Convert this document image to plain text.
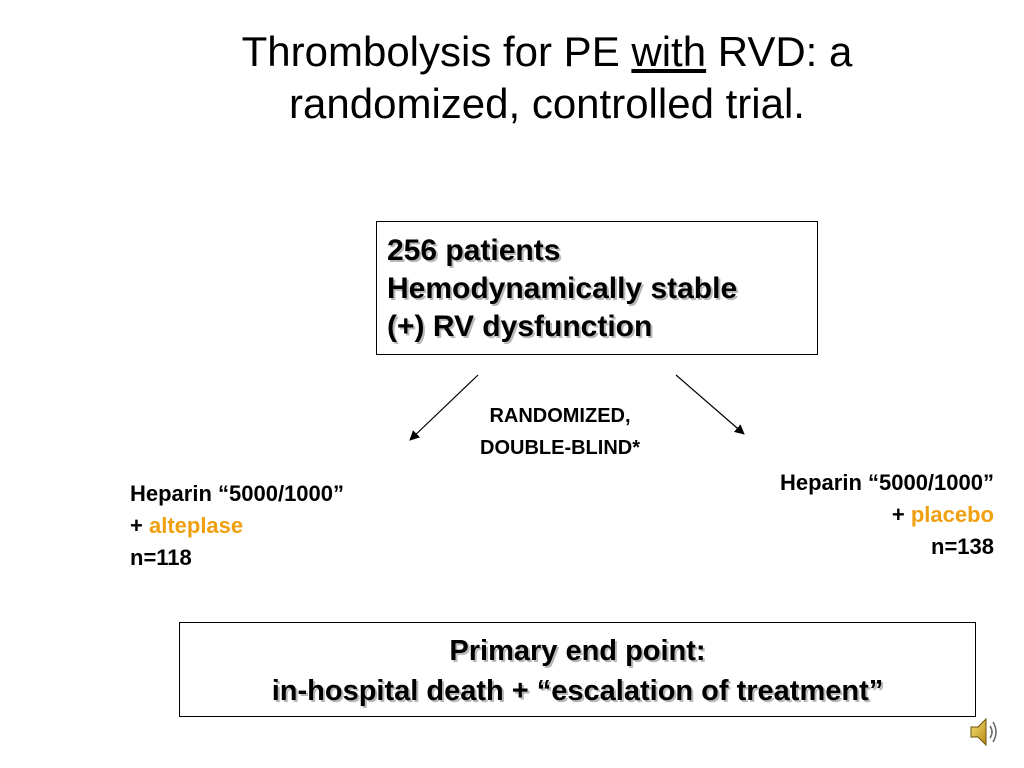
Thrombolysis for PE with RVD: a
randomized, controlled trial.
256 patients
Hemodynamically stable
(+) RV dysfunction
RANDOMIZED,
DOUBLE-BLIND*
Heparin “5000/1000”
+ alteplase
n=118
Heparin “5000/1000”
+ placebo
n=138
Primary end point:
in-hospital death + “escalation of treatment”
